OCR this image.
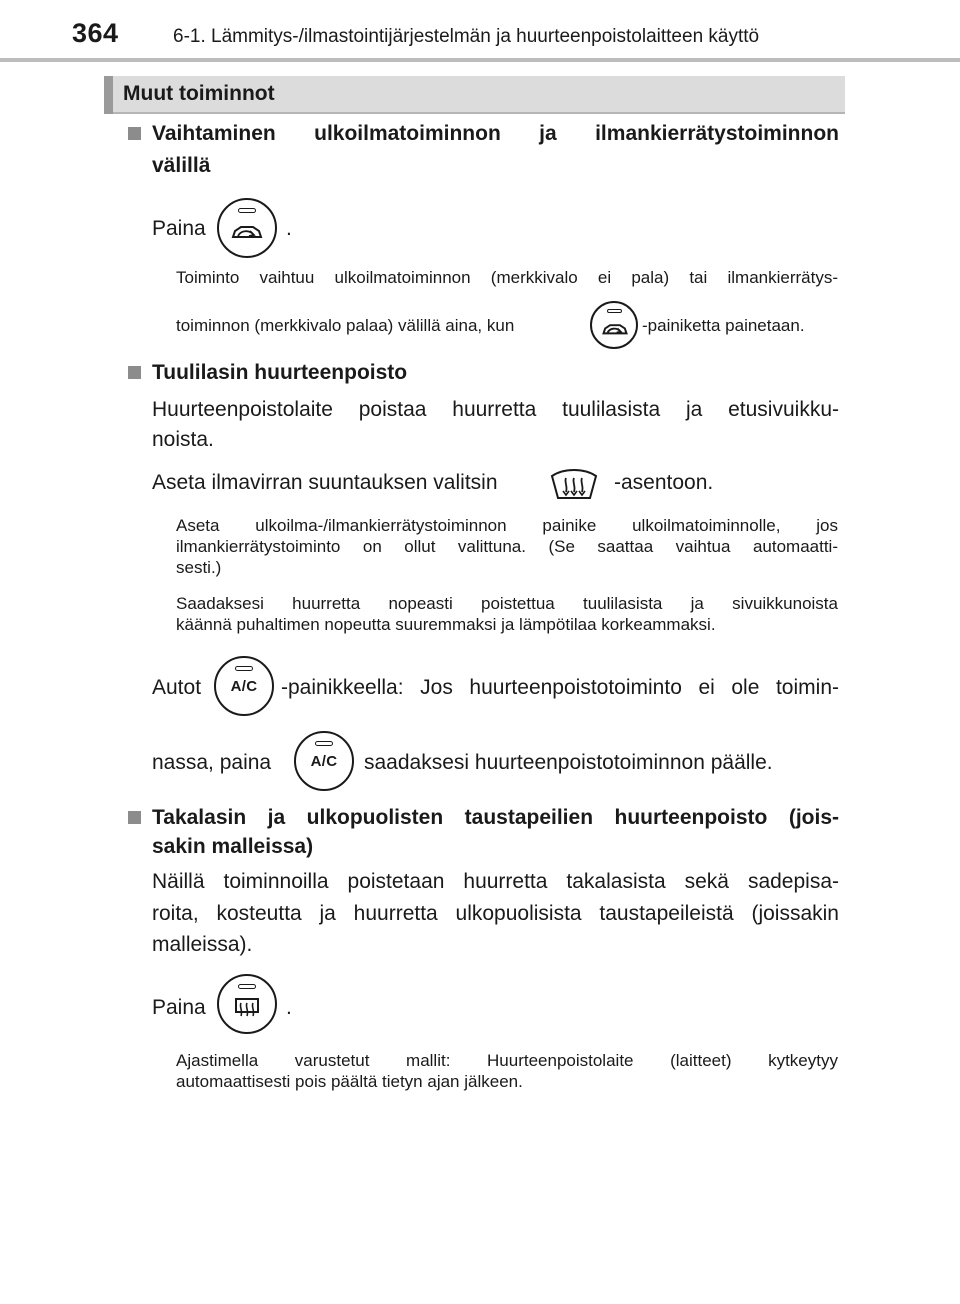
364	6-1. Lämmitys-/ilmastointijärjestelmän ja huurteenpoistolaitteen käyttö
Muut toiminnot
Vaihtaminen ulkoilmatoiminnon ja ilmankierrätystoiminnon
välillä
Paina	.
Toiminto vaihtuu ulkoilmatoiminnon (merkkivalo ei pala) tai ilmankierrätys-
toiminnon (merkkivalo palaa) välillä aina, kun	-painiketta painetaan.
Tuulilasin huurteenpoisto
Huurteenpoistolaite poistaa huurretta tuulilasista ja etusivuikku-
noista.
Aseta ilmavirran suuntauksen valitsin	-asentoon.
Aseta ulkoilma-/ilmankierrätystoiminnon painike ulkoilmatoiminnolle, jos
ilmankierrätystoiminto on ollut valittuna. (Se saattaa vaihtua automaatti-
sesti.)
Saadaksesi huurretta nopeasti poistettua tuulilasista ja sivuikkunoista
käännä puhaltimen nopeutta suuremmaksi ja lämpötilaa korkeammaksi.
Autot	A/C	-painikkeella: Jos huurteenpoistotoiminto ei ole toimin-
nassa, paina	A/C	saadaksesi huurteenpoistotoiminnon päälle.
Takalasin ja ulkopuolisten taustapeilien huurteenpoisto (jois-
sakin malleissa)
Näillä toiminnoilla poistetaan huurretta takalasista sekä sadepisa-
roita, kosteutta ja huurretta ulkopuolisista taustapeileistä (joissakin
malleissa).
Paina	.
Ajastimella varustetut mallit: Huurteenpoistolaite (laitteet) kytkeytyy
automaattisesti pois päältä tietyn ajan jälkeen.
